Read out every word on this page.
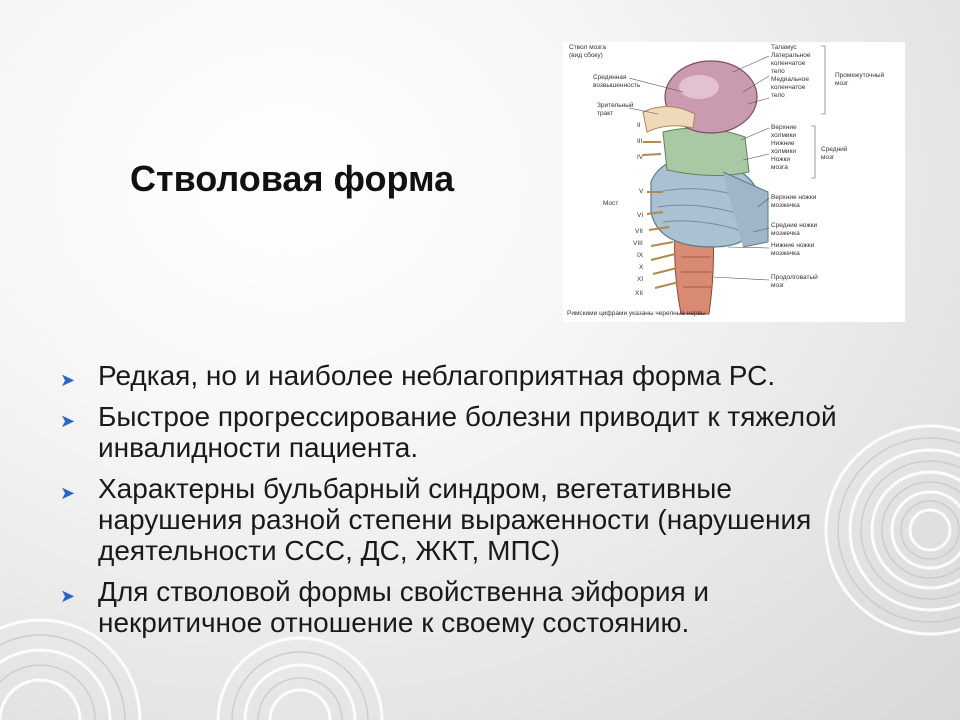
Стволовая форма
Ствол мозга
(вид сбоку)
Срединная
возвышенность
Зрительный
тракт
Мост
II
III
IV
V
VI
VII
VIII
IX
X
XI
XII
Таламус
Латеральное
коленчатое
тело
Медиальное
коленчатое
тело
Верхние
холмики
Нижние
холмики
Ножки
мозга
Верхние ножки
мозжечка
Средние ножки
мозжечка
Нижние ножки
мозжечка
Продолговатый
мозг
Промежуточный
мозг
Средний
мозг
Римскими цифрами указаны черепные нервы
➤ Редкая, но и наиболее неблагоприятная форма РС.
➤ Быстрое прогрессирование болезни приводит к тяжелой инвалидности пациента.
➤ Характерны бульбарный синдром, вегетативные нарушения разной степени выраженности (нарушения деятельности ССС, ДС, ЖКТ, МПС)
➤ Для стволовой формы свойственна эйфория и некритичное отношение к своему состоянию.
